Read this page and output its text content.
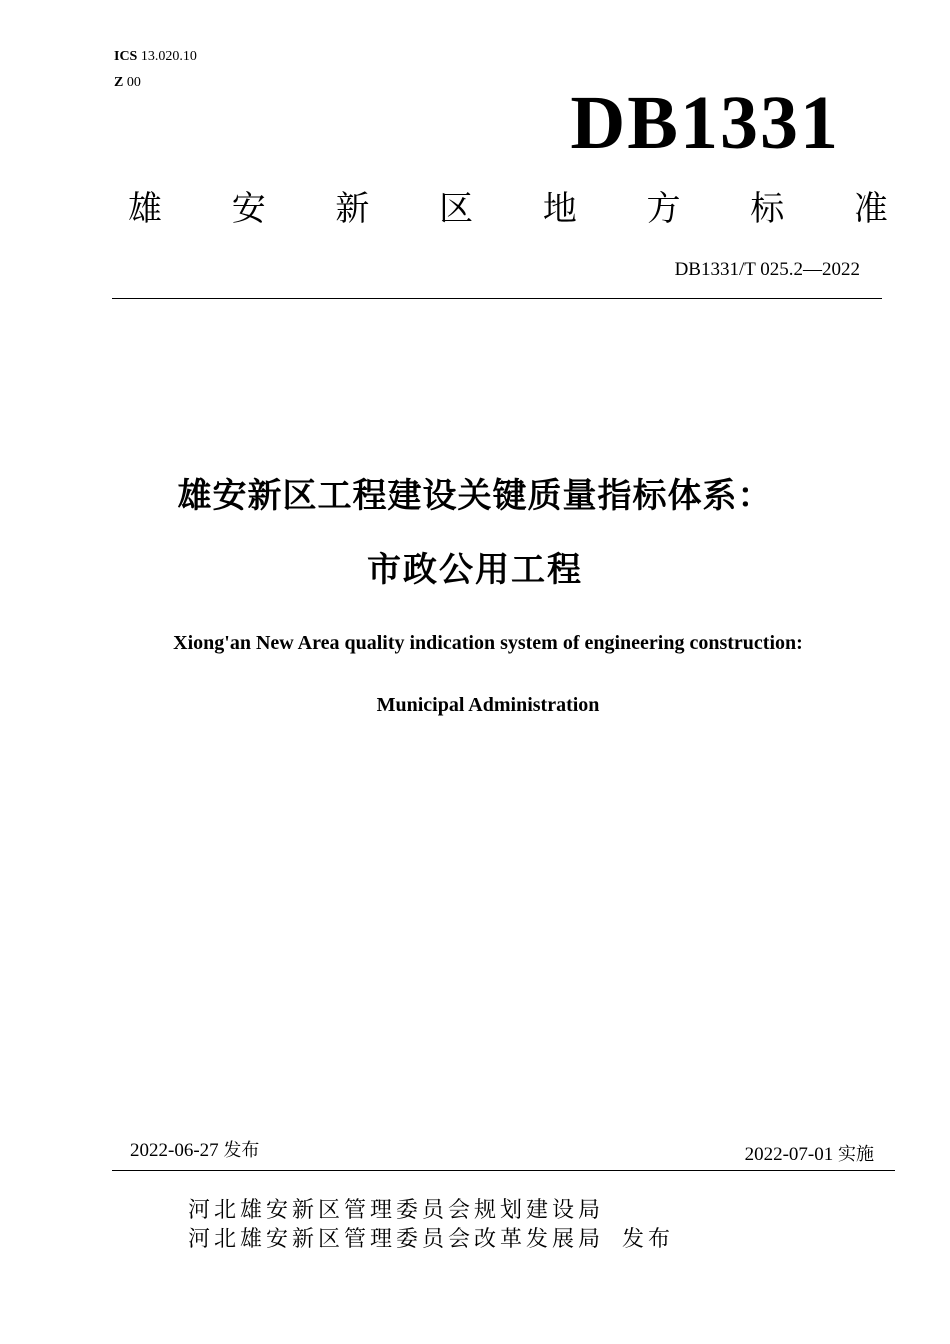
ICS 13.020.10
Z 00	DB1331
雄 安 新 区 地 方 标 准
DB1331/T 025.2—2022
雄安新区工程建设关键质量指标体系：
市政公用工程
Xiong'an New Area quality indication system of engineering construction:
Municipal Administration
2022-06-27 发布	2022-07-01 实施
河北雄安新区管理委员会规划建设局
河北雄安新区管理委员会改革发展局 发布
